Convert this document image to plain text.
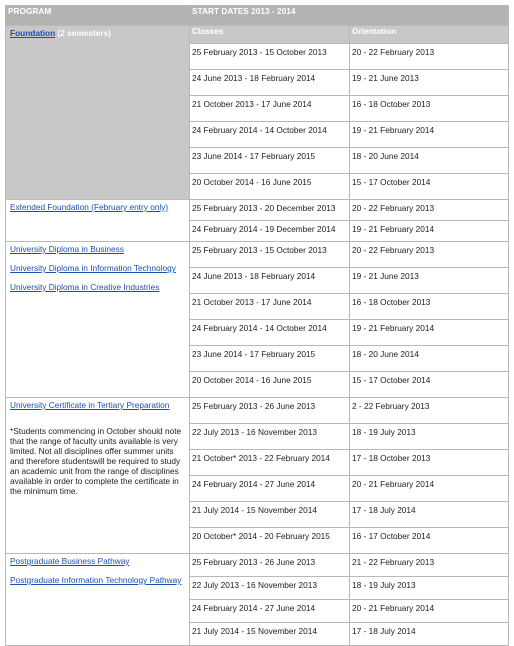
PROGRAM	START DATES 2013 - 2014	

Foundation (2 semesters)	Classes	Orientation
	25 February 2013 - 15 October 2013	20 - 22 February 2013
	24 June 2013 - 18 February 2014	19 - 21 June 2013
	21 October 2013 - 17 June 2014	16 - 18 October 2013
	24 February 2014 - 14 October 2014	19 - 21 February 2014
	23 June 2014 - 17 February 2015	18 - 20 June 2014
	20 October 2014 - 16 June 2015	15 - 17 October 2014

Extended Foundation (February entry only)	25 February 2013 - 20 December 2013	20 - 22 February 2013
	24 February 2014 - 19 December 2014	19 - 21 February 2014

University Diploma in Business
University Diploma in Information Technology
University Diploma in Creative Industries	25 February 2013 - 15 October 2013	20 - 22 February 2013
	24 June 2013 - 18 February 2014	19 - 21 June 2013
	21 October 2013 - 17 June 2014	16 - 18 October 2013
	24 February 2014 - 14 October 2014	19 - 21 February 2014
	23 June 2014 - 17 February 2015	18 - 20 June 2014
	20 October 2014 - 16 June 2015	15 - 17 October 2014

University Certificate in Tertiary Preparation
*Students commencing in October should note that the range of faculty units available is very limited. Not all disciplines offer summer units and therefore studentswill be required to study an academic unit from the range of disciplines available in order to complete the certificate in the minimum time.	25 February 2013 - 26 June 2013	2 - 22 February 2013
	22 July 2013 - 16 November 2013	18 - 19 July 2013
	21 October* 2013 - 22 February 2014	17 - 18 October 2013
	24 February 2014 - 27 June 2014	20 - 21 February 2014
	21 July 2014 - 15 November 2014	17 - 18 July 2014
	20 October* 2014 - 20 February 2015	16 - 17 October 2014

Postgraduate Business Pathway
Postgraduate Information Technology Pathway	25 February 2013 - 26 June 2013	21 - 22 February 2013
	22 July 2013 - 16 November 2013	18 - 19 July 2013
	24 February 2014 - 27 June 2014	20 - 21 February 2014
	21 July 2014 - 15 November 2014	17 - 18 July 2014
